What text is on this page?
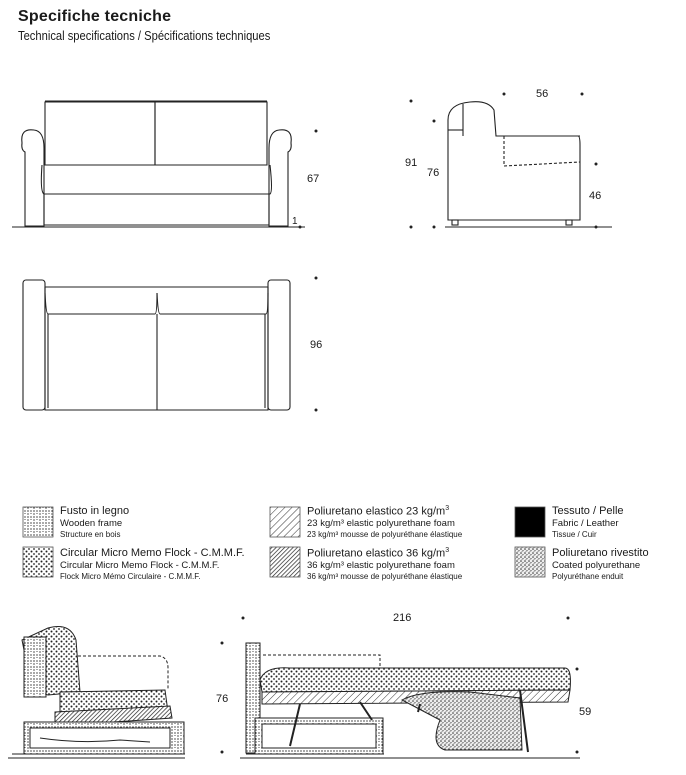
Specifiche tecniche
Technical specifications / Spécifications techniques
67
1
56
91
76
46
96
216
76
59
Fusto in legno
Wooden frame
Structure en bois
Poliuretano elastico 23 $kg/m^3$
23 kg/m³ elastic polyurethane foam
23 kg/m³ mousse de polyuréthane élastique
Tessuto / Pelle
Fabric / Leather
Tissue / Cuir
Circular Micro Memo Flock - C.M.M.F.
Circular Micro Memo Flock - C.M.M.F.
Flock Micro Mémo Circulaire - C.M.M.F.
Poliuretano elastico 36 $kg/m^3$
36 kg/m³ elastic polyurethane foam
36 kg/m³ mousse de polyuréthane élastique
Poliuretano rivestito
Coated polyurethane
Polyuréthane enduit
